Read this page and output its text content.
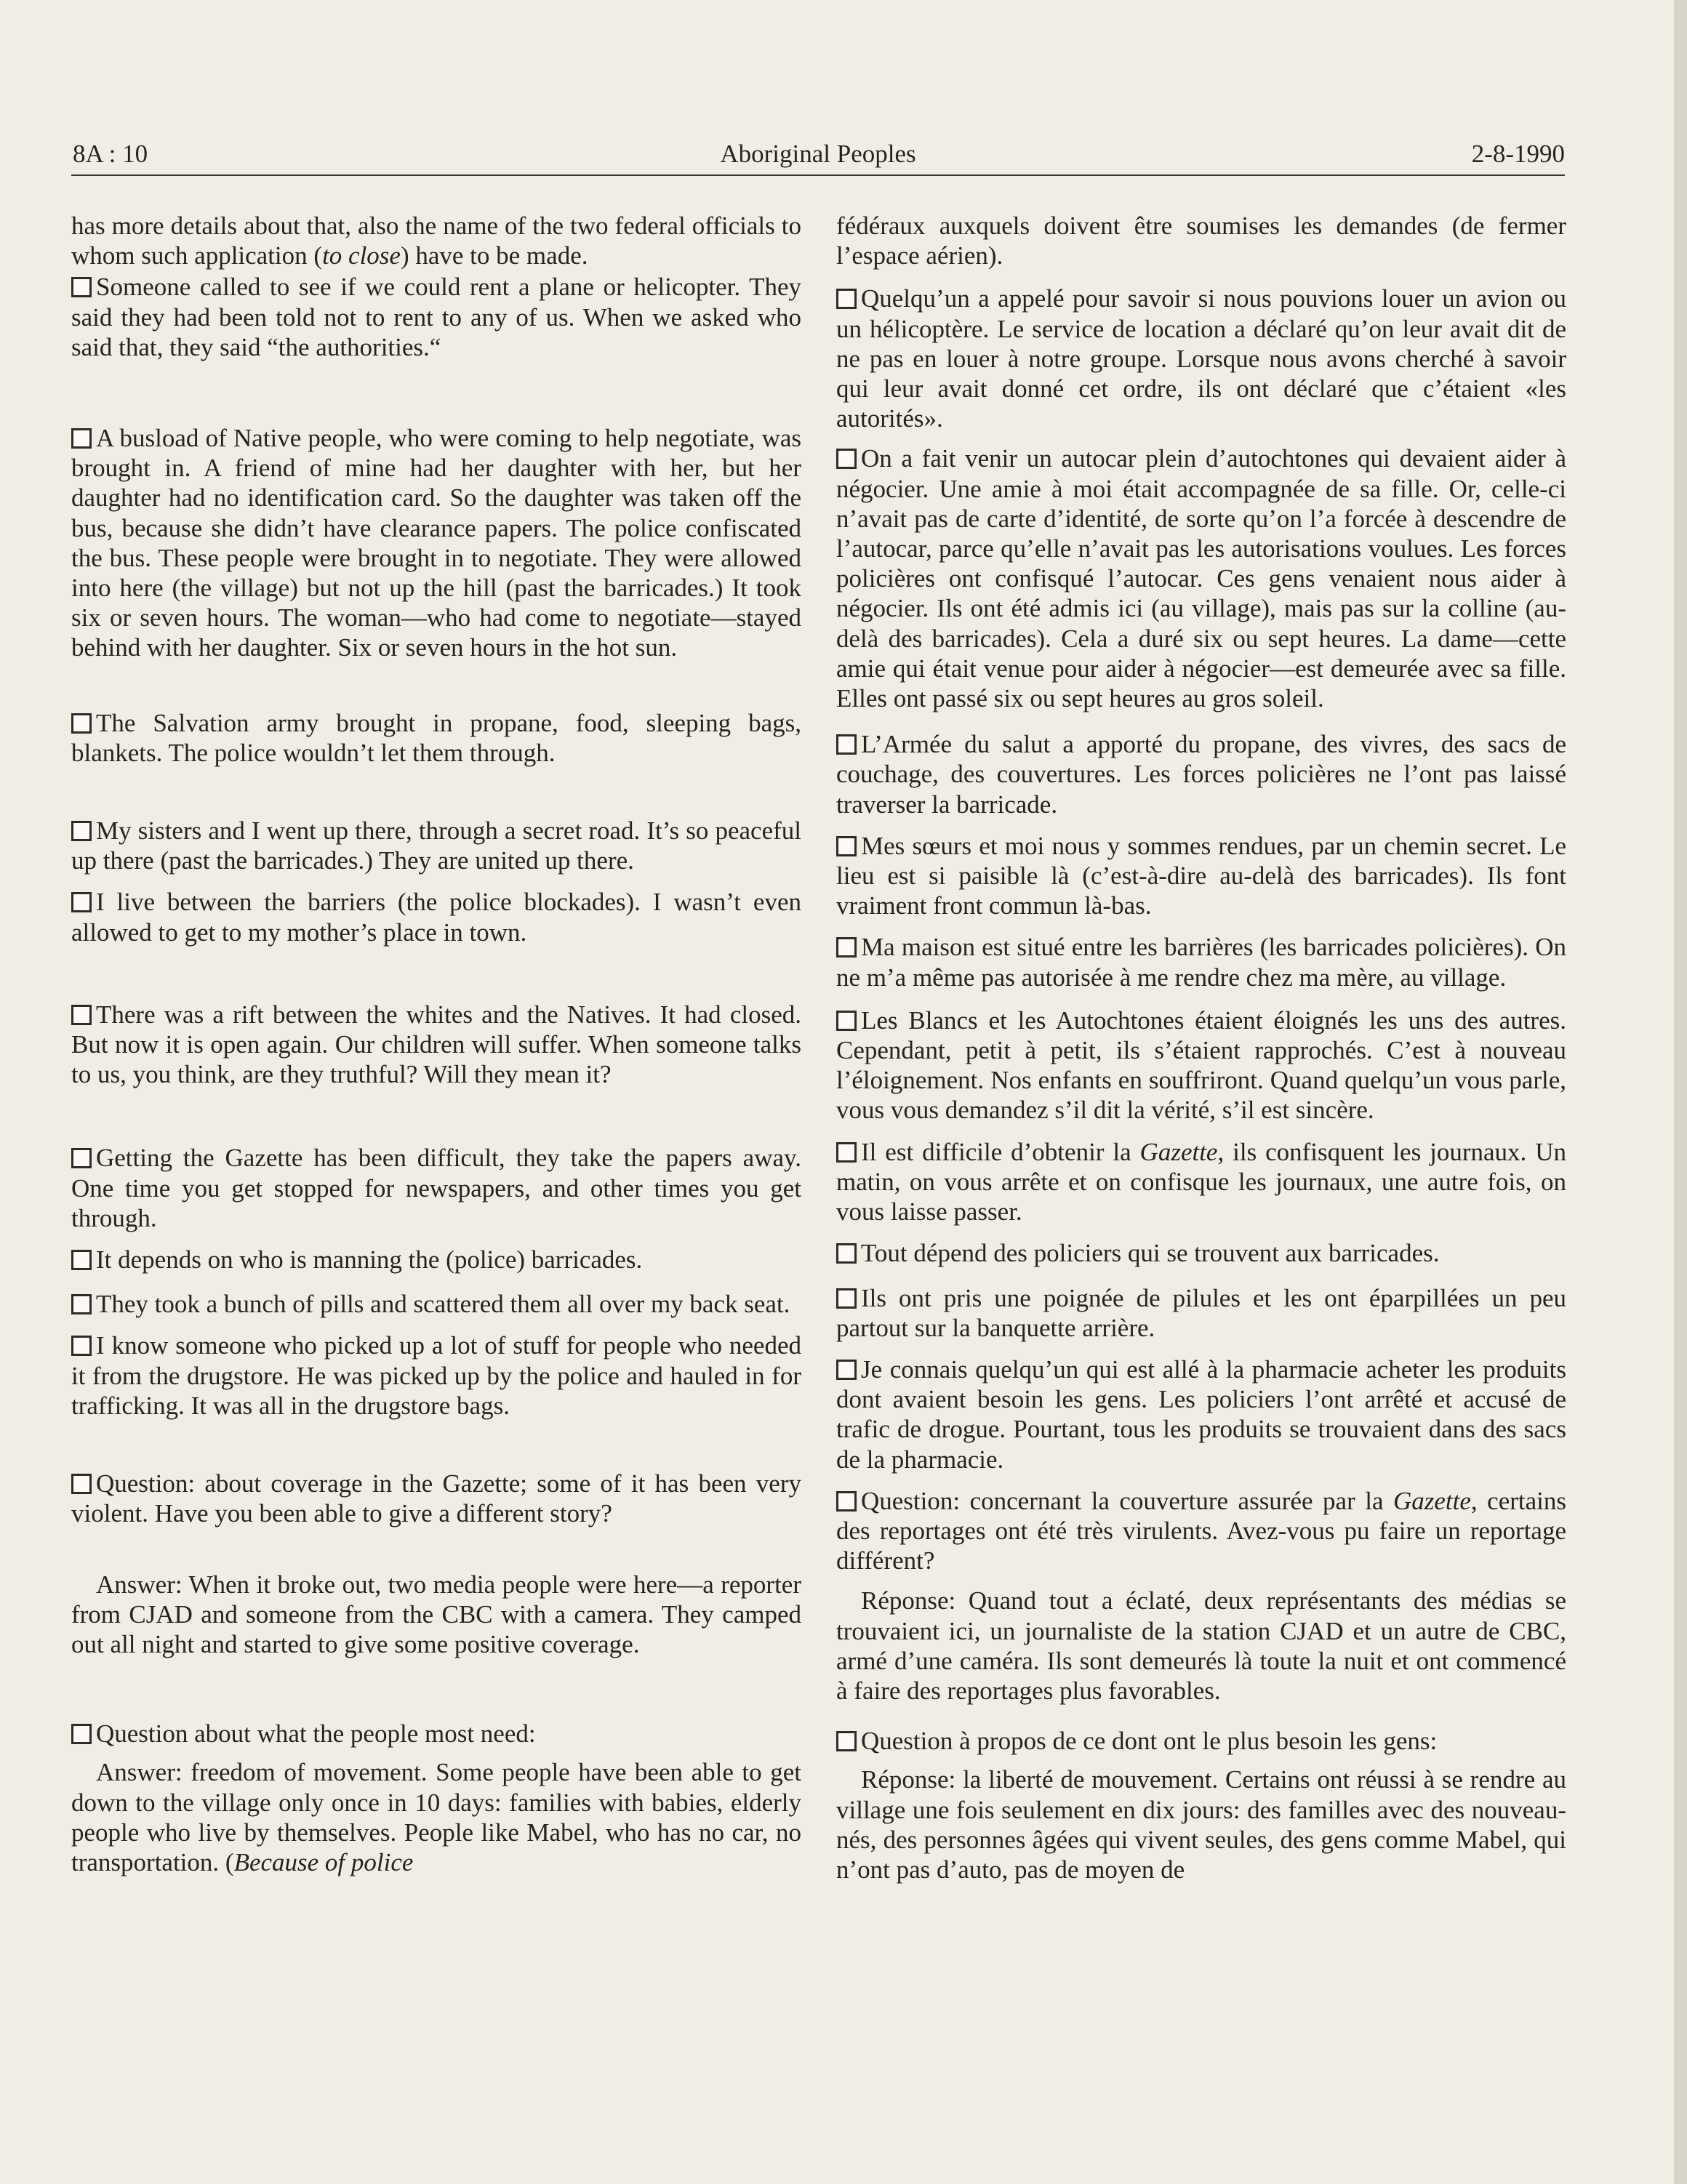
8A : 10	Aboriginal Peoples	2-8-1990

has more details about that, also the name of the two federal officials to whom such application (to close) have to be made.

Someone called to see if we could rent a plane or helicopter. They said they had been told not to rent to any of us. When we asked who said that, they said “the authorities.“

A busload of Native people, who were coming to help negotiate, was brought in. A friend of mine had her daughter with her, but her daughter had no identification card. So the daughter was taken off the bus, because she didn’t have clearance papers. The police confiscated the bus. These people were brought in to negotiate. They were allowed into here (the village) but not up the hill (past the barricades.) It took six or seven hours. The woman—who had come to negotiate—stayed behind with her daughter. Six or seven hours in the hot sun.

The Salvation army brought in propane, food, sleeping bags, blankets. The police wouldn’t let them through.

My sisters and I went up there, through a secret road. It’s so peaceful up there (past the barricades.) They are united up there.

I live between the barriers (the police blockades). I wasn’t even allowed to get to my mother’s place in town.

There was a rift between the whites and the Natives. It had closed. But now it is open again. Our children will suffer. When someone talks to us, you think, are they truthful? Will they mean it?

Getting the Gazette has been difficult, they take the papers away. One time you get stopped for newspapers, and other times you get through.

It depends on who is manning the (police) barricades.

They took a bunch of pills and scattered them all over my back seat.

I know someone who picked up a lot of stuff for people who needed it from the drugstore. He was picked up by the police and hauled in for trafficking. It was all in the drugstore bags.

Question: about coverage in the Gazette; some of it has been very violent. Have you been able to give a different story?

Answer: When it broke out, two media people were here—a reporter from CJAD and someone from the CBC with a camera. They camped out all night and started to give some positive coverage.

Question about what the people most need:

Answer: freedom of movement. Some people have been able to get down to the village only once in 10 days: families with babies, elderly people who live by themselves. People like Mabel, who has no car, no transportation. (Because of police

fédéraux auxquels doivent être soumises les demandes (de fermer l’espace aérien).

Quelqu’un a appelé pour savoir si nous pouvions louer un avion ou un hélicoptère. Le service de location a déclaré qu’on leur avait dit de ne pas en louer à notre groupe. Lorsque nous avons cherché à savoir qui leur avait donné cet ordre, ils ont déclaré que c’étaient «les autorités».

On a fait venir un autocar plein d’autochtones qui devaient aider à négocier. Une amie à moi était accompagnée de sa fille. Or, celle-ci n’avait pas de carte d’identité, de sorte qu’on l’a forcée à descendre de l’autocar, parce qu’elle n’avait pas les autorisations voulues. Les forces policières ont confisqué l’autocar. Ces gens venaient nous aider à négocier. Ils ont été admis ici (au village), mais pas sur la colline (au-delà des barricades). Cela a duré six ou sept heures. La dame—cette amie qui était venue pour aider à négocier—est demeurée avec sa fille. Elles ont passé six ou sept heures au gros soleil.

L’Armée du salut a apporté du propane, des vivres, des sacs de couchage, des couvertures. Les forces policières ne l’ont pas laissé traverser la barricade.

Mes sœurs et moi nous y sommes rendues, par un chemin secret. Le lieu est si paisible là (c’est-à-dire au-delà des barricades). Ils font vraiment front commun là-bas.

Ma maison est situé entre les barrières (les barricades policières). On ne m’a même pas autorisée à me rendre chez ma mère, au village.

Les Blancs et les Autochtones étaient éloignés les uns des autres. Cependant, petit à petit, ils s’étaient rapprochés. C’est à nouveau l’éloignement. Nos enfants en souffriront. Quand quelqu’un vous parle, vous vous demandez s’il dit la vérité, s’il est sincère.

Il est difficile d’obtenir la Gazette, ils confisquent les journaux. Un matin, on vous arrête et on confisque les journaux, une autre fois, on vous laisse passer.

Tout dépend des policiers qui se trouvent aux barricades.

Ils ont pris une poignée de pilules et les ont éparpillées un peu partout sur la banquette arrière.

Je connais quelqu’un qui est allé à la pharmacie acheter les produits dont avaient besoin les gens. Les policiers l’ont arrêté et accusé de trafic de drogue. Pourtant, tous les produits se trouvaient dans des sacs de la pharmacie.

Question: concernant la couverture assurée par la Gazette, certains des reportages ont été très virulents. Avez-vous pu faire un reportage différent?

Réponse: Quand tout a éclaté, deux représentants des médias se trouvaient ici, un journaliste de la station CJAD et un autre de CBC, armé d’une caméra. Ils sont demeurés là toute la nuit et ont commencé à faire des reportages plus favorables.

Question à propos de ce dont ont le plus besoin les gens:

Réponse: la liberté de mouvement. Certains ont réussi à se rendre au village une fois seulement en dix jours: des familles avec des nouveau-nés, des personnes âgées qui vivent seules, des gens comme Mabel, qui n’ont pas d’auto, pas de moyen de
